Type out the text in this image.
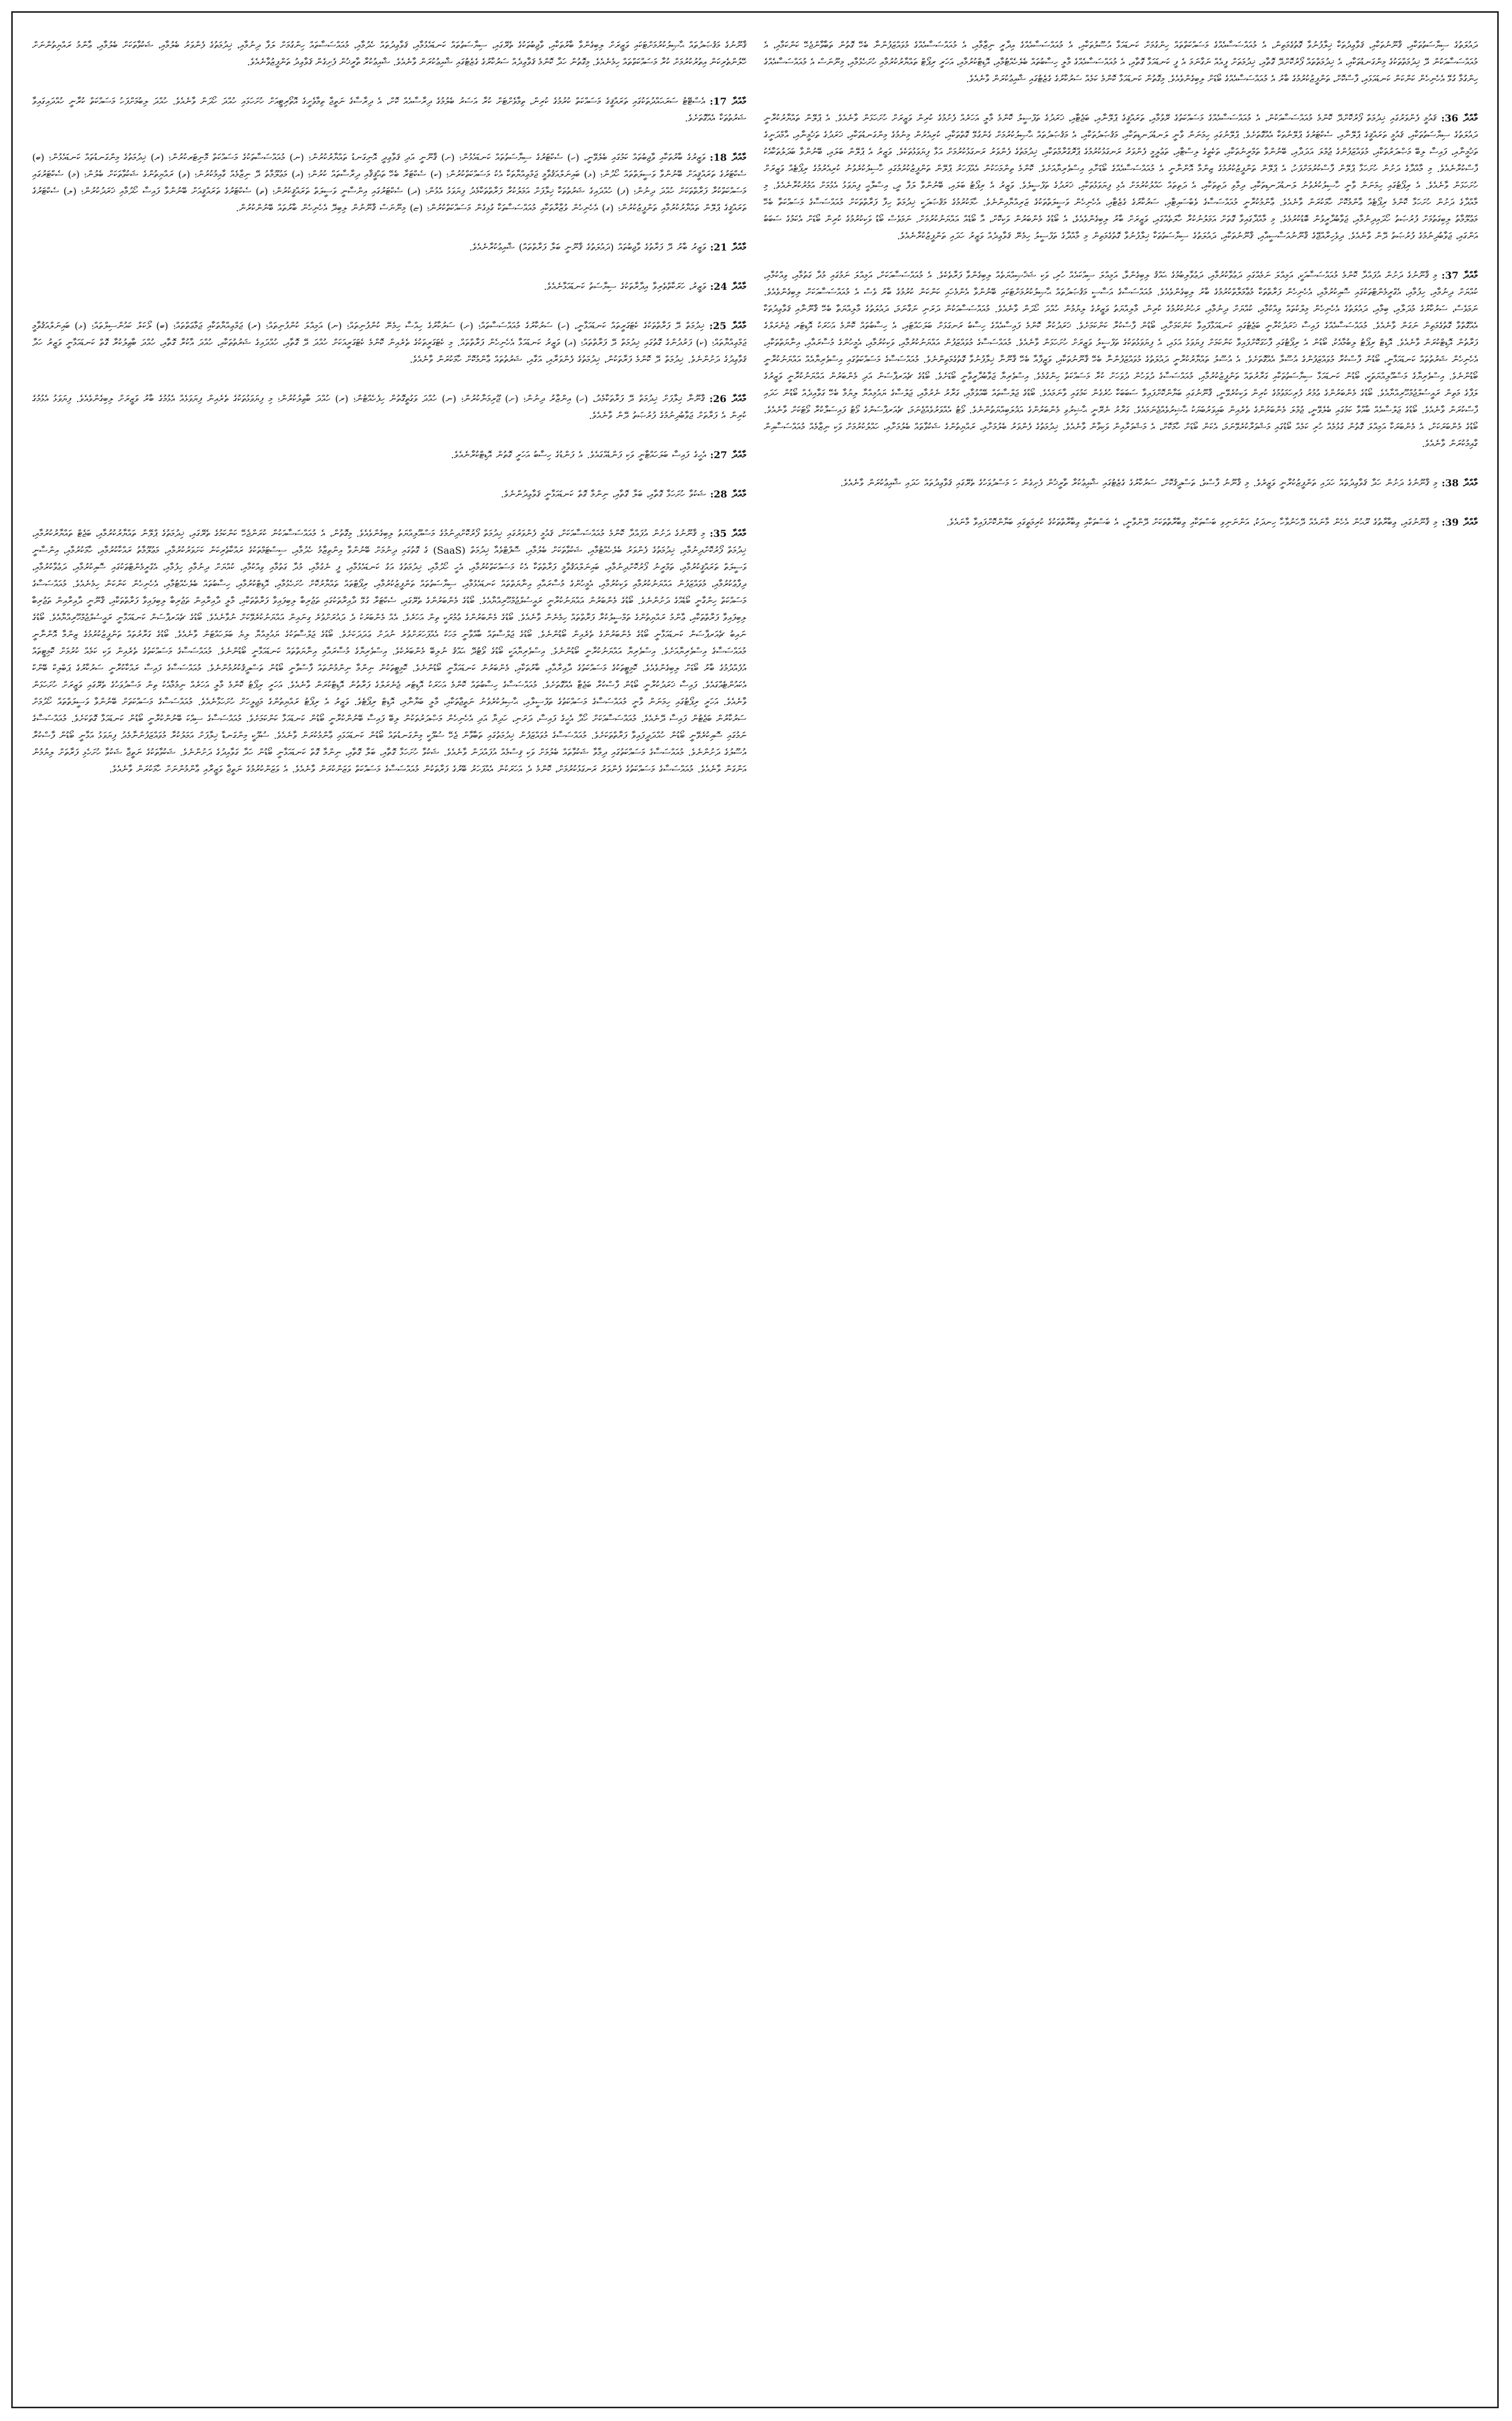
ދައުލަތުގެ ސިޔާސަތުތަކާއި، ޤާނޫނުތަކާއި، ޤަވާޢިދުތަކާ ޚިލާފުނުވާ ގޮތުގެމަތިން، އެ މުއައްސަސާއެއްގެ މަސައްކަތްތައް ހިންގުމަށް ކަނޑައަޅާ އުސޫލުތަކާއި، އެ މުއައްސަސާއެއްގެ އިދާރީ ނިޒާމާއި، އެ މުއައްސަސާއެއްގެ މުވައްޒަފުންނާ ބެހޭ ގޮތުން ތަބާވާންޖެހޭ ކަންކަމާއި، އެ މުއައްސަސާއަކުން ދޭ ޚިދުމަތްތަކުގެ މިންގަނޑުތަކާއި، އެ ޚިދުމަތްތައް ފޯރުކޮށްދޭ ގޮތާއި، ޚިދުމަތަށް ފީއެއް ނަގާނަމަ އެ ފީ ކަނޑައަޅާ ގޮތާއި، އެ މުއައްސަސާއެއްގެ މާލީ ހިސާބުތައް ބެލެހެއްޓުމާއި، އޮޑިޓްކުރުމާއި، އަހަރީ ރިޕޯޓް ތައްޔާރުކުރުމާއި ހުށަހެޅުމާއި، މިނޫނަސް އެ މުއައްސަސާއެއްގެ ހިންގުމާ ގުޅޭ އެހެނިހެން ކަންކަން ކަނޑައަޅައި، ފާސްކޮށް، ތަންފީޒުކުރުމުގެ ބާރު އެ މުއައްސަސާއެއްގެ ބޯޑަށް ލިބިގެންވެއެވެ. މިގޮތުން ކަނޑައަޅާ ކޮންމެ ކަމެއް ސަރުކާރުގެ ގެޒެޓުގައި ޝާއިޢުކުރަން ވާނެއެވެ.

މާއްދާ 36: ޤައުމީ ފެންވަރުގައި ޚިދުމަތް ފޯރުކޮށްދޭ ކޮންމެ މުއައްސަސާއަކުން، އެ މުއައްސަސާއެއްގެ މަސައްކަތުގެ ރޭވުމާއި، ތަރައްޤީގެ ޕްލޭނާއި، ބަޖެޓާއި، ޚަރަދުގެ ތަފްސީލު ކޮންމެ މާލީ އަހަރެއް ފެށުމުގެ ކުރިން ވަޒީރަށް ހުށަހަޅަން ވާނެއެވެ. އެ ޕްލޭން ތައްޔާރުކުރާނީ ދައުލަތުގެ ސިޔާސަތުތަކާއި، ޤައުމީ ތަރައްޤީގެ ޕްލޭނާއި، ސެކްޓަރުގެ ޕްލޭނުތަކާ އެއްގޮތަށެވެ. ޕްލޭނުގައި ހިމަނަން ވާނީ ލަނޑުދަނޑިތަކާއި، މަޤުޞަދުތަކާއި، އެ މަޤުޞަދުތައް ޙާޞިލުކުރުމަށް ގެންގުޅޭ ގޮތްތަކާއި، ކުރިއެރުން މިނުމުގެ މިންގަނޑުތަކާއި، ޚަރަދުގެ ތަޚުމީނާއި، އާމްދަނީގެ ތަޚުމީނާއި، ފައިސާ ލިބޭ މަޞްދަރުތަކާއި، މުވައްޒަފުންގެ ޖުމްލަ އަދަދާއި، ބޭނުންވާ ތަމްރީނުތަކާއި، ތަކެތީގެ ލިސްޓާއި، ތަޢުލީމީ ފެންވަރު ރަނގަޅުކުރުމުގެ ޕްރޮގްރާމްތަކާއި، ޚިދުމަތުގެ ފެންވަރު ރަނގަޅުކުރުމަށް އަޅާ ފިޔަވަޅުތަކެވެ. ވަޒީރު އެ ޕްލޭން ބަލައި، ބޭނުންވާ ބަދަލުތަކާއެކު ފާސްކުރާނެއެވެ. މި މާއްދާގެ ދަށުން ހުށަހަޅާ ޕްލޭން ފާސްކުރުމަށްފަހު، އެ ޕްލޭން ތަންފީޒުކުރުމުގެ ޒިންމާ އޮންނާނީ އެ މުއައްސަސާއެއްގެ ބޯޑަށާއި އިސްވެރިޔާއަށެވެ. ކޮންމެ ތިންމަހަކުން އެއްފަހަރު ޕްލޭން ތަންފީޒުކުރުމުގައި ހާސިލުކުރެވުނު ކުރިއެރުމުގެ ރިޕޯޓެއް ވަޒީރަށް ހުށަހަޅަން ވާނެއެވެ. އެ ރިޕޯޓުގައި ހިމަނަން ވާނީ ހާސިލުކުރެވުނު ލަނޑުދަނޑިތަކާއި، ދިމާވި ދަތިތަކާއި، އެ ދަތިތައް ހައްލުކުރުމަށް އެޅި ފިޔަވަޅުތަކާއި، ޚަރަދުގެ ތަފްސީލެވެ. ވަޒީރު އެ ރިޕޯޓު ބަލައި، ބޭނުންވާ ލަފާ ދީ، އިސްލާޙީ ފިޔަވަޅު އެޅުމަށް އަމުރުކުރާނެއެވެ. މި މާއްދާގެ ދަށުން ހުށަހަޅާ ކޮންމެ ރިޕޯޓެއް ޢާންމުކޮށް ހާމަކުރަން ވާނެއެވެ. ޢާންމުކުރާނީ މުއައްސަސާގެ ވެބްސައިޓާއި، ސަރުކާރުގެ ގެޒެޓާއި، އެހެނިހެން ވަސީލަތްތަކުގެ ޒަރިއްޔާއިންނެވެ. ހާމަކުރުމުގެ މަޤްޞަދަކީ ޚިދުމަތް ހިފާ ފަރާތްތަކަށް މުއައްސަސާގެ މަސައްކަތާ ބެހޭ މަޢުލޫމާތު ލިބިގަތުމަށް ފުރުޞަތު ހޯދައިދިނުމާއި، ޖަވާބުދާރީވުން ބޮޑުކުރުމެވެ. މި މާއްދާގައިވާ ގޮތަށް އަމަލުނުކުރާ ހާލަތެއްގައި، ވަޒީރަށް ބާރު ލިބިގެންވެއެވެ، އެ ބޯޑުގެ މެންބަރުން ވަކިކޮށް، އާ ބޯޑެއް އައްޔަނުކުރުމަށް. ނަމަވެސް ބޯޑު ވަކިކުރުމުގެ ކުރިން ބޯޑަށް އެކަމުގެ ސަބަބު އަންގައި، ޖަވާބުދިނުމުގެ ފުރުޞަތު ދޭން ވާނެއެވެ. ދިވެހިރާއްޖޭގެ ޤާނޫނުއަސާސީއާއި، ޤާނޫނުތަކާއި، ދައުލަތުގެ ސިޔާސަތުތަކާ ޚިލާފުނުވާ ގޮތުގެމަތިން މި މާއްދާގެ ތަފްސީލު ހިމެނޭ ޤަވާޢިދެއް ވަޒީރު ހަދައި ތަންފީޒުކުރާނެއެވެ.

މާއްދާ 37: މި ޤާނޫނުގެ ދަށުން އުފައްދާ ކޮންމެ މުއައްސަސާއަކީ، އަމިއްލަ ނަމެއްގައި ދަޢުވާކުރުމާއި، ދަޢުވާލިބުމުގެ ޙައްޤު ލިބިގެންވާ، އަމިއްލަ ސިއްކައެއް ހުރި، ވަކި ޝަޚްޞިއްޔަތެއް ލިބިގެންވާ ފަރާތެކެވެ. އެ މުއައްސަސާއަކަށް، އަމިއްލަ ނަމުގައި މުދާ ގަތުމާއި، ވިއްކުމާއި، ކުއްޔަށް ދިނުމާއި، ހިފުމާއި، އެގްރީމެންޓްތަކުގައި ސޮއިކުރުމާއި، އެހެނިހެން ފަރާތްތަކާ މުޢާމަލާތްކުރުމުގެ ބާރު ލިބިގެންވެއެވެ. މުއައްސަސާގެ އަސާސީ މަޤުޞަދުތައް ޙާޞިލުކުރުމަށްޓަކައި ބޭނުންވާ އެންމެހައި ކަންކަން ކުރުމުގެ ބާރު ވެސް އެ މުއައްސަސާއަކަށް ލިބިގެންވެއެވެ. ނަމަވެސް، ސަރުކާރުގެ މުދަލާއި، ބިމާއި، ދައުލަތުގެ އެހެނިހެން މިލްކުތައް ވިއްކުމާއި، ކުއްޔަށް ދިނުމާއި، ރަހުނުކުރުމުގެ ކުރިން، މާލިއްޔަތު ވަޒީރުގެ ލިޔުމުން ހުއްދަ ހޯދަން ވާނެއެވެ. މުއައްސަސާއަކުން ދަރަނި ނަގާނަމަ، ދައުލަތުގެ މާލިއްޔަތާ ބެހޭ ޤާނޫނާއި ޤަވާޢިދުތަކާ އެއްގޮތްވާ ގޮތުގެމަތިން ނަގަން ވާނެއެވެ. މުއައްސަސާއެއްގެ ފައިސާ ޚަރަދުކުރާނީ ބަޖެޓުގައި ކަނޑައަޅާފައިވާ ކަންކަމަށާއި، ބޯޑުން ފާސްކުރާ ކަންކަމަށެވެ. ޚަރަދުކުރާ ކޮންމެ ފައިސާއެއްގެ ހިސާބު ރަނގަޅަށް ބަލަހައްޓައި، އެ ހިސާބުތައް ކޮންމެ އަހަރަކު އޮޑިޓަރ ޖެނެރަލްގެ ފަރާތުން އޮޑިޓްކުރަން ވާނެއެވެ. އޮޑިޓް ރިޕޯޓު ލިބުމާއެކު، ބޯޑުން އެ ރިޕޯޓުގައި ފާހަގަކޮށްފައިވާ ކަންކަމަށް ފިޔަވަޅު އަޅައި، އެ ފިޔަވަޅުތަކުގެ ތަފްސީލު ވަޒީރަށް ހުށަހަޅަން ވާނެއެވެ. މުއައްސަސާގެ މުވައްޒަފުން އައްޔަނުކުރުމާއި، ވަކިކުރުމާއި، އެމީހުންގެ މުސާރައާއި، އިނާޔަތްތަކާއި، އެހެނިހެން ޝަރުތުތައް ކަނޑައަޅާނީ، ބޯޑުން ފާސްކުރާ މުވައްޒަފުންގެ އުސޫލާ އެއްގޮތަށެވެ. އެ އުސޫލު ތައްޔާރުކުރާނީ ދައުލަތުގެ މުވައްޒަފުންނާ ބެހޭ ޤާނޫނުތަކާއި، ވަޒީފާއާ ބެހޭ ޤާނޫނާ ޚިލާފުނުވާ ގޮތުގެމަތިންނެވެ. މުއައްސަސާގެ މަސައްކަތުގައި އިސްވެރިޔާއެއް އައްޔަނުކުރާނީ ބޯޑުންނެވެ. އިސްވެރިޔާގެ މަސްއޫލިއްޔަތަކީ، ބޯޑުން ކަނޑައަޅާ ސިޔާސަތުތަކާއި ގަރާރުތައް ތަންފީޒުކުރުމާއި، މުއައްސަސާގެ ދުވަހުން ދުވަހަށް ކުރާ މަސައްކަތް ހިންގުމެވެ. އިސްވެރިޔާ ޖަވާބުދާރީވާނީ ބޯޑަށެވެ. ބޯޑުގެ ޗެއަރޕާސަން އަދި މެންބަރުން އައްޔަނުކުރާނީ ވަޒީރުގެ ލަފާގެ މަތިން ރައީސުލްޖުމްހޫރިއްޔާއެވެ. ބޯޑުގެ މެންބަރުންގެ ޢުމުރު ފުރިހަމަވުމުގެ ކުރިން ވަކިކުރެވޭނީ، ޤާނޫނުގައި ބަޔާންކޮށްފައިވާ ސަބަބަކާ ހުރެގެން ކަމުގައި ވާނަމައެވެ. ބޯޑުގެ ޖަލްސާތައް ބޭއްވުމާއި، ގަރާރު ނެރުމާއި، ޖަލްސާގެ ޔައުމިއްޔާ ލިޔުމާ ބެހޭ ގަވާއިދެއް ބޯޑުން ހަދައި ފާސްކުރަން ވާނެއެވެ. ބޯޑުގެ ޖަލްސާއެއް ބާއްވާ ކަމުގައި ބެލެވޭނީ، ޖުމްލަ މެންބަރުންގެ ތެރެއިން ބައިވަރުބަޔަކު ޙާޟިރުވެއްޖެނަމައެވެ. ގަރާރު ނެރޭނީ ޙާޟިރުވި މެންބަރުންގެ އަޣުލަބިއްޔަތުންނެވެ. ވޯޓު އެއްވަރުވެއްޖެނަމަ، ޗެއަރޕާސަންގެ ވޯޓު ފައިސަލާކުރާ ވޯޓަކަށް ވާނެއެވެ. ބޯޑުގެ މެންބަރަކަށް، އެ މެންބަރަކާ އަމިއްލަ ގޮތުން ގުޅުމެއް ހުރި ކަމެއް ބޯޑުގައި މަޝްވަރާކުރެވޭނަމަ، އެކަން ބޯޑަށް ހާމަކޮށް، އެ މަޝްވަރާއިން ވަކިވާން ވާނެއެވެ. ޚިދުމަތުގެ ފެންވަރު ބެލުމަށާއި، ރައްޔިތުންގެ ޝަކުވާތައް ބެލުމަށާއި، ހައްލުކުރުމަށް ވަކި ނިޒާމެއް މުއައްސަސާއިން ގާއިމުކުރަން ވާނެއެވެ.

މާއްދާ 38: މި ޤާނޫނުގެ ދަށުން ހަދާ ޤަވާޢިދުތައް ހަދައި ތަންފީޒުކުރާނީ ވަޒީރެވެ. މި ޤާނޫނު ފާސްވެ، ތަސްދީޤުކޮށް، ސަރުކާރުގެ ގެޒެޓުގައި ޝާއިޢުކުރާ ތާރީޚުން ފެށިގެން ހަ މަސްދުވަހުގެ ތެރޭގައި ޤަވާޢިދުތައް ހަދައި ޝާއިޢުކުރަން ވާނެއެވެ.

މާއްދާ 39: މި ޤާނޫނުގައި، ޢިބާރާތުގެ ރޫޙުން އެހެން މާނައެއް ދޭހަނުވާހާ ހިނދަކު، އަންނަނިވި ބަސްތަކާއި ޢިބާރާތްތަކަށް ދޭންވާނީ، އެ ބަސްތަކާއި ޢިބާރާތްތަކުގެ ކުރިމަތީގައި ބަޔާންކޮށްފައިވާ މާނައެވެ.

ޤާނޫނުގެ މަޤުޞަދުތައް ޙާޞިލުކުރުމަށްޓަކައި ވަޒީރަށް ލިބިގެންވާ ބާރުތަކާއި، ވާޖިބުތަކުގެ ތެރޭގައި، ސިޔާސަތުތައް ކަނޑައެޅުމާއި، ޤަވާޢިދުތައް ހެދުމާއި، މުއައްސަސާތައް ހިންގުމަށް ލަފާ ދިނުމާއި، ޚިދުމަތުގެ ފެންވަރު ބެލުމާއި، ޝަކުވާތަކަށް ބެލުމާއި، ޢާންމު ރައްޔިތުންނަށް ހޭލުންތެރިކަން އިތުރުކުރުމަށް ކުރާ މަސައްކަތްތައް ހިމެނެއެވެ. މިގޮތުން ހަދާ ކޮންމެ ޤަވާޢިދެއް ސަރުކާރުގެ ގެޒެޓުގައި ޝާއިޢުކުރަން ވާނެއެވެ. ޝާއިޢުކުރާ ތާރީޚުން ފެށިގެން ޤަވާޢިދު ތަންފީޒުވާނެއެވެ.

މާއްދާ 17: އެސްޓޭޓު ސަރަޙައްދުތަކުގައި ތަރައްޤީގެ މަސައްކަތް ކުރުމުގެ ކުރިން، ތިމާވެށްޓަށް ކުރާ އަސަރު ބެލުމުގެ ދިރާސާއެއް ކޮށް، އެ ދިރާސާގެ ނަތީޖާ ތިމާވެށީގެ އޮތޯރިޓީއަށް ހުށަހަޅައި ހުއްދަ ހޯދަން ވާނެއެވެ. ހުއްދަ ލިބުމަށްފަހު މަސައްކަތް ކުރާނީ ހުއްދައިގައިވާ ޝަރުތުތަކާ އެއްގޮތަށެވެ.

މާއްދާ 18: ވަޒީރުގެ ބާރުތަކާއި ވާޖިބުތައް ކަމުގައި ބެލެވޭނީ، (ހ) ސެކްޓަރުގެ ސިޔާސަތުތައް ކަނޑައެޅުން؛ (ށ) ޤާނޫނީ އަދި ޤަވާޢިދީ އޮނިގަނޑު ތައްޔާރުކުރުން؛ (ނ) މުއައްސަސާތަކުގެ މަސައްކަތް މޮނިޓަރކުރުން؛ (ރ) ޚިދުމަތުގެ މިންގަނޑުތައް ކަނޑައެޅުން؛ (ބ) ސެކްޓަރުގެ ތަރައްޤީއަށް ބޭނުންވާ ވަސީލަތްތައް ހޯދުން؛ (ޅ) ބައިނަލްއަޤުވާމީ ޖަމްޢިއްޔާތަކާ އެކު މަސައްކަތްކުރުން؛ (ކ) ސެކްޓަރާ ބެހޭ ތަޙްޤީޤާއި ދިރާސާތައް ކުރުން؛ (އ) މަޢުލޫމާތު ދޭ ނިޒާމެއް ގާއިމުކުރުން؛ (ވ) ރައްޔިތުންގެ ޝަކުވާތަކަށް ބެލުން؛ (މ) ސެކްޓަރުގައި މަސައްކަތްކުރާ ފަރާތްތަކަށް ހުއްދަ ދިނުން؛ (ފ) ހުއްދައިގެ ޝަރުތުތަކާ ޚިލާފަށް އަމަލުކުރާ ފަރާތްތަކާމެދު ފިޔަވަޅު އެޅުން؛ (ދ) ސެކްޓަރުގައި އިންސާނީ ވަސީލަތް ތަރައްޤީކުރުން؛ (ތ) ސެކްޓަރުގެ ތަރައްޤީއަށް ބޭނުންވާ ފައިސާ ހޯދުމާއި ޚަރަދުކުރުން؛ (ލ) ސެކްޓަރުގެ ތަރައްޤީގެ ޕްލޭން ތައްޔާރުކުރުމާއި ތަންފީޒުކުރުން؛ (ގ) އެހެނިހެން ވުޒާރާތަކާއި މުއައްސަސާތަކާ ގުޅިގެން މަސައްކަތްކުރުން؛ (ޏ) މިނޫނަސް ޤާނޫނުން ލިބިދޭ އެހެނިހެން ބާރުތައް ބޭނުންކުރުން.

މާއްދާ 21: ވަޒީރު ބާރު ދޭ ފަރާތުގެ ވާޖިބުތައް (ދައުލަތުގެ ޤާނޫނީ ބަލާ ފަރާތްތައް) ޝާއިޢުކުރާނެއެވެ.

މާއްދާ 24: ވަޒީރު، ހަރަކާތްތެރިވާ އިދާރާތަކުގެ ސިޔާސަތު ކަނޑައަޅާނެއެވެ.

މާއްދާ 25: ޚިދުމަތް ދޭ ފަރާތްތަކުގެ ކެޓަގަރީތައް ކަނޑައަޅާނީ، (ހ) ސަރުކާރުގެ މުއައްސަސާތައް؛ (ށ) ސަރުކާރުގެ ހިއްސާ ހިމެނޭ ކުންފުނިތައް؛ (ނ) އަމިއްލަ ކުންފުނިތައް؛ (ރ) ޖަމްޢިއްޔާތަކާއި ޖަމާޢަތްތައް؛ (ބ) ލޯކަލް ކައުންސިލްތައް؛ (ޅ) ބައިނަލްއަޤުވާމީ ޖަމްޢިއްޔާތައް؛ (ކ) ފަރުދުންގެ ގޮތުގައި ޚިދުމަތް ދޭ ފަރާތްތައް؛ (އ) ވަޒީރު ކަނޑައަޅާ އެހެނިހެން ފަރާތްތައް. މި ކެޓަގަރީތަކުގެ ތެރެއިން ކޮންމެ ކެޓަގަރީއަކަށް ހުއްދަ ދޭ ގޮތާއި، ހުއްދައިގެ ޝަރުތުތަކާއި، ހުއްދަ އާކުރާ ގޮތާއި، ހުއްދަ ބާޠިލުކުރާ ގޮތް ކަނޑައަޅާނީ ވަޒީރު ހަދާ ޤަވާޢިދުގެ ދަށުންނެވެ. ޚިދުމަތް ދޭ ކޮންމެ ފަރާތަކުން، ޚިދުމަތުގެ ފެންވަރާއި، އަގާއި، ޝަރުތުތައް ޢާންމުކޮށް ހާމަކުރަން ވާނެއެވެ.

މާއްދާ 26: ޤާނޫނާ ޚިލާފަށް ޚިދުމަތް ދޭ ފަރާތަކާމެދު، (ހ) އިންޒާރު ދިނުން؛ (ށ) ޖޫރިމަނާކުރުން؛ (ނ) ހުއްދަ ވަގުތީގޮތުން ހިފެހެއްޓުން؛ (ރ) ހުއްދަ ބާޠިލުކުރުން؛ މި ފިޔަވަޅުތަކުގެ ތެރެއިން ފިޔަވަޅެއް އެޅުމުގެ ބާރު ވަޒީރަށް ލިބިގެންވެއެވެ. ފިޔަވަޅު އެޅުމުގެ ކުރިން އެ ފަރާތަށް ޖަވާބުދިނުމުގެ ފުރުޞަތު ދޭން ވާނެއެވެ.

މާއްދާ 27: އެހީގެ ފައިސާ ބަލަހައްޓާނީ ވަކި ފަންޑެއްގައެވެ. އެ ފަންޑުގެ ހިސާބު އަހަރީ ގޮތުން އޮޑިޓްކުރާނެއެވެ.

މާއްދާ 28: ޝަކުވާ ހުށަހަޅާ ގޮތާއި، ބަލާ ގޮތާއި، ނިންމާ ގޮތް ކަނޑައަޅާނީ ޤަވާޢިދުންނެވެ.

މާއްދާ 35: މި ޤާނޫނުގެ ދަށުން އުފައްދާ ކޮންމެ މުއައްސަސާއަކަށް، ޤައުމީ ފެންވަރުގައި ޚިދުމަތް ފޯރުކޮށްދިނުމުގެ މަސްއޫލިއްޔަތު ލިބިގެންވެއެވެ. މިގޮތުން، އެ މުއައްސަސާއަކުން ކުރަންޖެހޭ ކަންކަމުގެ ތެރޭގައި، ޚިދުމަތުގެ ޕްލޭން ތައްޔާރުކުރުމާއި، ބަޖެޓް ތައްޔާރުކުރުމާއި، ޚިދުމަތް ފޯރުކޮށްދިނުމާއި، ޚިދުމަތުގެ ފެންވަރު ބެލެހެއްޓުމާއި، ޝަކުވާތަކަށް ބެލުމާއި، ސޮފްޓްވެއާ ޚިދުމަތް (SaaS) ގެ ގޮތުގައި ދިނުމަށް ބޭނުންވާ އިންތިޒާމު ހެދުމާއި، ސިސްޓަމްތަކުގެ ރައްކާތެރިކަން ކަށަވަރުކުރުމާއި، މަޢުލޫމާތު ރައްކާކުރުމާއި، ހާމަކުރުމާއި، އިންސާނީ ވަސީލަތް ތަރައްޤީކުރުމާއި، ތަމްރީނު ފޯރުކޮށްދިނުމާއި، ބައިނަލްއަޤުވާމީ ފަރާތްތަކާ އެކު މަސައްކަތްކުރުމާއި، އެހީ ހޯދުމާއި، ޚިދުމަތުގެ އަގު ކަނޑައެޅުމާއި، ފީ ނެގުމާއި، މުދާ ގަތުމާއި ވިއްކުމާއި، ކުއްޔަށް ދިނުމާއި ހިފުމާއި، އެގްރީމެންޓްތަކުގައި ސޮއިކުރުމާއި، ދަޢުވާކުރުމާއި، ދިފާޢުކުރުމާއި، މުވައްޒަފުން އައްޔަނުކުރުމާއި ވަކިކުރުމާއި، އެމީހުންގެ މުސާރައާއި އިނާޔަތްތައް ކަނޑައެޅުމާއި، ސިޔާސަތުތައް ތަންފީޒުކުރުމާއި، ރިޕޯޓްތައް ތައްޔާރުކޮށް ހުށަހެޅުމާއި، އޮޑިޓްކުރުމާއި، ހިސާބުތައް ބެލެހެއްޓުމާއި، އެހެނިހެން ކަންކަން ހިމެނެއެވެ. މުއައްސަސާގެ މަސައްކަތް ހިންގާނީ ބޯޑެއްގެ ދަށުންނެވެ. ބޯޑުގެ މެންބަރުން އައްޔަނުކުރާނީ ރައީސުލްޖުމްހޫރިއްޔާއެވެ. ބޯޑުގެ މެންބަރުންގެ ތެރޭގައި، ސެކްޓަރާ ގުޅޭ ދާއިރާތަކުގައި ތަޖުރިބާ ލިބިފައިވާ ފަރާތްތަކާއި، މާލީ ދާއިރާއިން ތަޖުރިބާ ލިބިފައިވާ ފަރާތްތަކާއި، ޤާނޫނީ ދާއިރާއިން ތަޖުރިބާ ލިބިފައިވާ ފަރާތްތަކާއި، ޢާންމު ރައްޔިތުންގެ ތަމްސީލުކުރާ ފަރާތްތައް ހިމެނެން ވާނެއެވެ. ބޯޑުގެ މެންބަރުންގެ ޢުމުރަކީ ތިން އަހަރެވެ. އެއް މެންބަރަކު ދެ ދައުރަށްވުރެ ގިނައިން އައްޔަނުކުރެވޭކަށް ނުވާނެއެވެ. ބޯޑުގެ ޗެއަރޕާސަން ކަނޑައަޅާނީ ރައީސުލްޖުމްހޫރިއްޔާއެވެ. ބޯޑުގެ ނައިބު ޗެއަރޕާސަން ކަނޑައަޅާނީ ބޯޑުގެ މެންބަރުންގެ ތެރެއިން ބޯޑުންނެވެ. ބޯޑުގެ ޖަލްސާތައް ބާއްވާނީ މަހަކު އެއްފަހަރަށްވުރެ ނުދަށް ޢަދަދަކަށެވެ. ބޯޑުގެ ޖަލްސާތަކުގެ ޔައުމިއްޔާ ލިޔެ ބަލަހައްޓަން ވާނެއެވެ. ބޯޑުގެ ގަރާރުތައް ތަންފީޒުކުރުމުގެ ޒިންމާ އޮންނާނީ މުއައްސަސާގެ އިސްވެރިޔާއަށެވެ. އިސްވެރިޔާ އައްޔަނުކުރާނީ ބޯޑުންނެވެ. އިސްވެރިޔާއަކީ ބޯޑުގެ ވޯޓުދޭ ޙައްޤު ނުލިބޭ މެންބަރެކެވެ. އިސްވެރިޔާގެ މުސާރައާއި އިނާޔަތްތައް ކަނޑައަޅާނީ ބޯޑުންނެވެ. މުއައްސަސާގެ މަސައްކަތުގެ ތެރެއިން ވަކި ކަމެއް ކުރުމަށް ކޮމިޓީތައް އުފެއްދުމުގެ ބާރު ބޯޑަށް ލިބިގެންވެއެވެ. ކޮމިޓީތަކުގެ މަސައްކަތުގެ ދާއިރާއާއި، ބާރުތަކާއި، މެންބަރުން ކަނޑައަޅާނީ ބޯޑުންނެވެ. ކޮމިޓީތަކުން ނިންމާ ނިންމުންތައް ފާސްވާނީ ބޯޑުން ތަސްދީޤުކުރުމުންނެވެ. މުއައްސަސާގެ ފައިސާ ރައްކާކުރާނީ ސަރުކާރުގެ ޕަބްލިކް ބޭންކް އެކައުންޓެއްގައެވެ. ފައިސާ ޚަރަދުކުރާނީ ބޯޑުން ފާސްކުރާ ބަޖެޓާ އެއްގޮތަށެވެ. މުއައްސަސާގެ ހިސާބުތައް ކޮންމެ އަހަރަކު އޮޑިޓަރ ޖެނެރަލްގެ ފަރާތުން އޮޑިޓްކުރަން ވާނެއެވެ. އަހަރީ ރިޕޯޓު ކޮންމެ މާލީ އަހަރެއް ނިމުމާއެކު ތިން މަސްދުވަހުގެ ތެރޭގައި ވަޒީރަށް ހުށަހަޅަން ވާނެއެވެ. އަހަރީ ރިޕޯޓުގައި ހިމަނަން ވާނީ މުއައްސަސާގެ މަސައްކަތުގެ ތަފްސީލާއި، ޙާޞިލުކުރެވުނު ނަތީޖާތަކާއި، މާލީ ބަޔާނާއި، އޮޑިޓް ރިޕޯޓެވެ. ވަޒީރު އެ ރިޕޯޓު ރައްޔިތުންގެ މަޖިލީހަށް ހުށަހަޅާނެއެވެ. މުއައްސަސާގެ މަސައްކަތަށް ބޭނުންވާ ވަސީލަތްތައް ހޯދުމަށް ސަރުކާރުން ބަޖެޓުން ފައިސާ ދޭނެއެވެ. މުއައްސަސާއަކަށް ހޯދާ އެހީގެ ފައިސާ، ދަރަނި، ހަދިޔާ އަދި އެހެނިހެން މަޞްދަރުތަކުން ލިބޭ ފައިސާ ބޭނުންކުރާނީ ބޯޑުން ކަނޑައަޅާ ކަންކަމަށެވެ. މުއައްސަސާގެ ސިއްކަ ބޭނުންކުރާނީ ބޯޑުން ކަނޑައަޅާ ގޮތަކަށެވެ. މުއައްސަސާގެ ނަމުގައި ސޮއިކުރެވޭނީ ބޯޑުން ހުއްދަދީފައިވާ ފަރާތްތަކަށެވެ. މުއައްސަސާގެ މުވައްޒަފުން ޚިދުމަތުގައި ތަބާވާން ޖެހޭ ސުލޫކީ މިންގަނޑުތައް ބޯޑުން ކަނޑައަޅައި ޢާންމުކުރަން ވާނެއެވެ. ސުލޫކީ މިންގަނޑާ ޚިލާފަށް އަމަލުކުރާ މުވައްޒަފުންނާމެދު ފިޔަވަޅު އަޅާނީ ބޯޑުން ފާސްކުރާ އުސޫލުގެ ދަށުންނެވެ. މުއައްސަސާގެ މަސައްކަތުގައި ދިމާވާ ޝަކުވާތައް ބެލުމަށް ވަކި ޤިސްމެއް އުފައްދަން ވާނެއެވެ. ޝަކުވާ ހުށަހަޅާ ގޮތާއި، ބަލާ ގޮތާއި، ނިންމާ ގޮތް ކަނޑައަޅާނީ ބޯޑުން ހަދާ ގަވާއިދުގެ ދަށުންނެވެ. ޝަކުވާތަކުގެ ނަތީޖާ ޝަކުވާ ހުށަހެޅި ފަރާތަށް ލިޔުމުން އަންގަން ވާނެއެވެ. މުއައްސަސާގެ މަސައްކަތުގެ ފެންވަރު ރަނގަޅުކުރުމަށް، ކޮންމެ ދެ އަހަރަކުން އެއްފަހަރު ބޭރުގެ ފަރާތަކުން މުއައްސަސާގެ މަސައްކަތް ވަޒަންކުރަން ވާނެއެވެ. އެ ވަޒަންކުރުމުގެ ނަތީޖާ ވަޒީރާއި ޢާންމުންނަށް ހާމަކުރަން ވާނެއެވެ.
